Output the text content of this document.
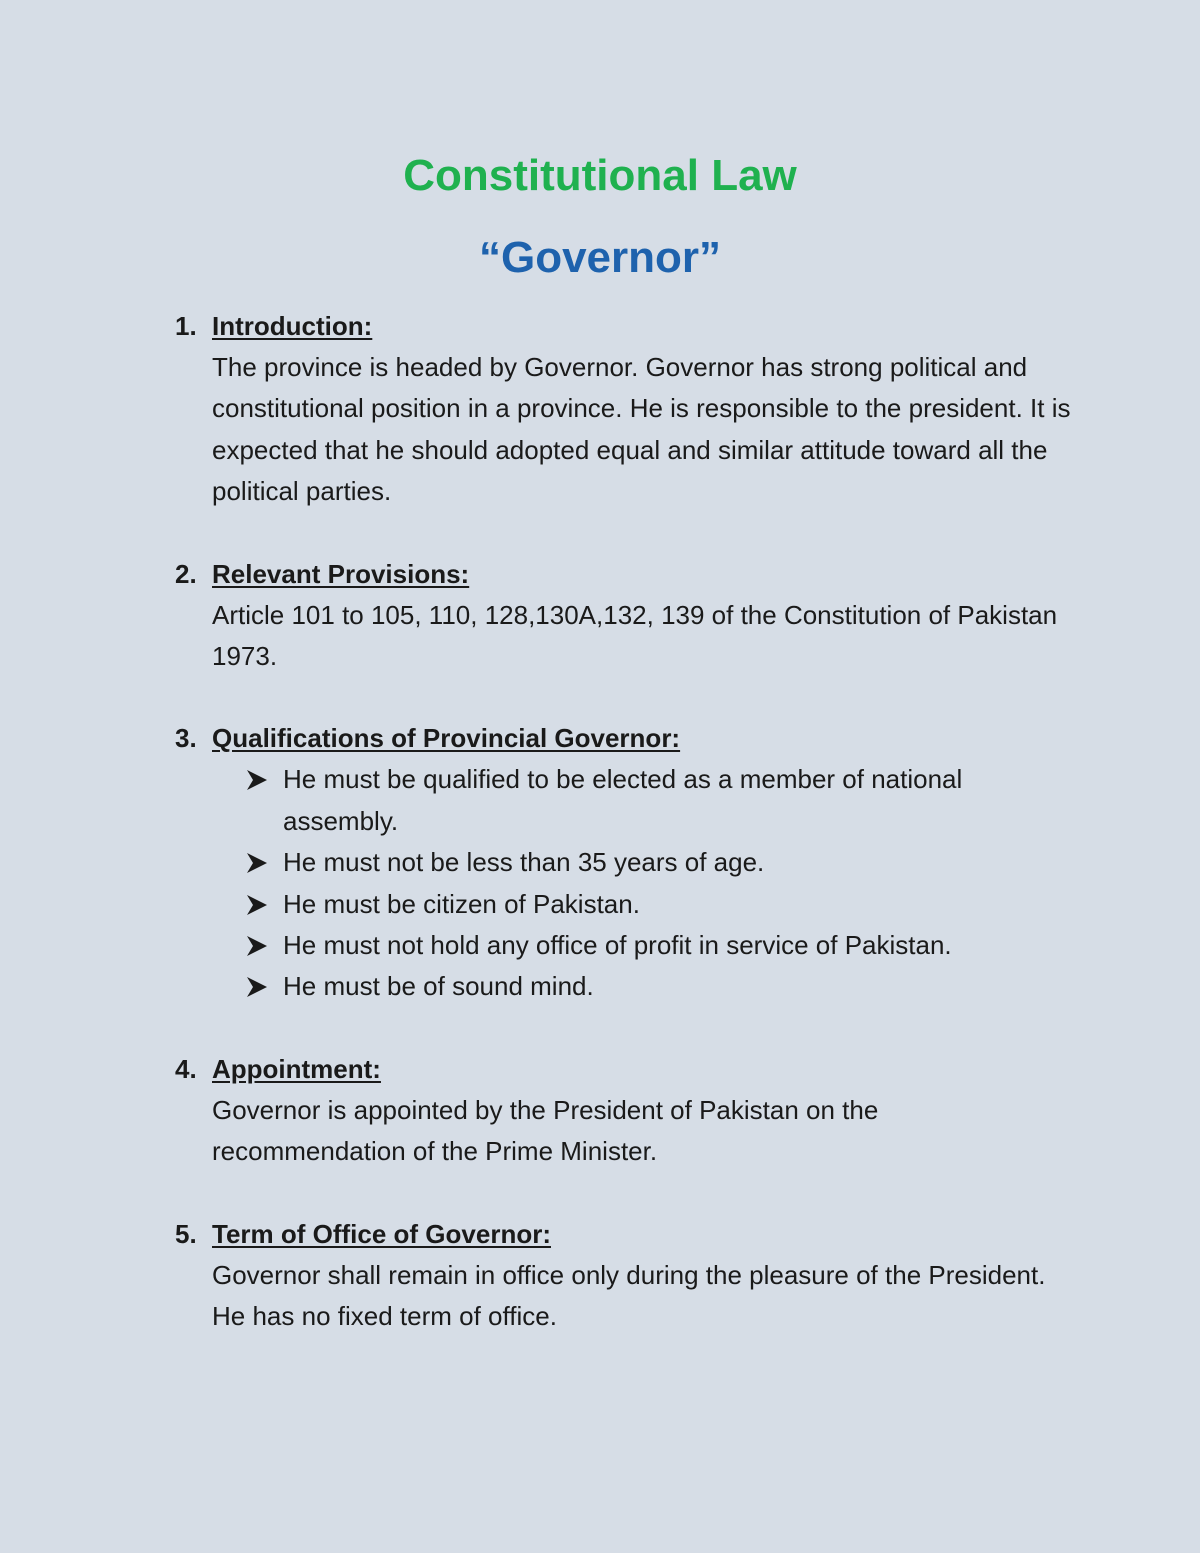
Constitutional Law
“Governor”
1. Introduction:
The province is headed by Governor. Governor has strong political and constitutional position in a province. He is responsible to the president. It is expected that he should adopted equal and similar attitude toward all the political parties.
2. Relevant Provisions:
Article 101 to 105, 110, 128,130A,132, 139 of the Constitution of Pakistan 1973.
3. Qualifications of Provincial Governor:
He must be qualified to be elected as a member of national assembly.
He must not be less than 35 years of age.
He must be citizen of Pakistan.
He must not hold any office of profit in service of Pakistan.
He must be of sound mind.
4. Appointment:
Governor is appointed by the President of Pakistan on the recommendation of the Prime Minister.
5. Term of Office of Governor:
Governor shall remain in office only during the pleasure of the President. He has no fixed term of office.
